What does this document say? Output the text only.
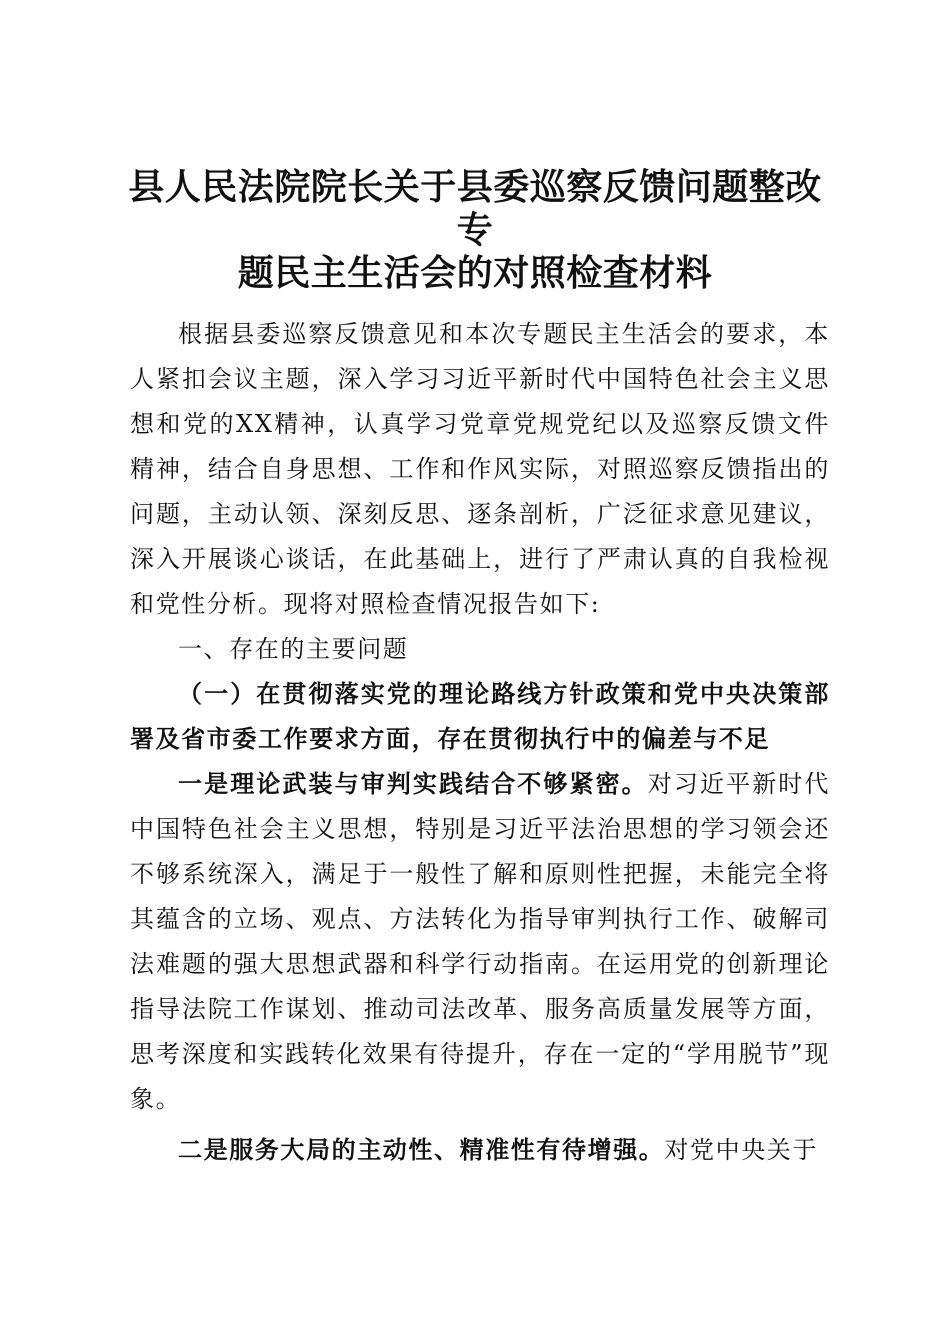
县人民法院院长关于县委巡察反馈问题整改专
题民主生活会的对照检查材料

根据县委巡察反馈意见和本次专题民主生活会的要求，本人紧扣会议主题，深入学习习近平新时代中国特色社会主义思想和党的XX精神，认真学习党章党规党纪以及巡察反馈文件精神，结合自身思想、工作和作风实际，对照巡察反馈指出的问题，主动认领、深刻反思、逐条剖析，广泛征求意见建议，深入开展谈心谈话，在此基础上，进行了严肃认真的自我检视和党性分析。现将对照检查情况报告如下:

一、存在的主要问题

（一）在贯彻落实党的理论路线方针政策和党中央决策部署及省市委工作要求方面，存在贯彻执行中的偏差与不足

一是理论武装与审判实践结合不够紧密。对习近平新时代中国特色社会主义思想，特别是习近平法治思想的学习领会还不够系统深入，满足于一般性了解和原则性把握，未能完全将其蕴含的立场、观点、方法转化为指导审判执行工作、破解司法难题的强大思想武器和科学行动指南。在运用党的创新理论指导法院工作谋划、推动司法改革、服务高质量发展等方面，思考深度和实践转化效果有待提升，存在一定的“学用脱节”现象。

二是服务大局的主动性、精准性有待增强。对党中央关于
